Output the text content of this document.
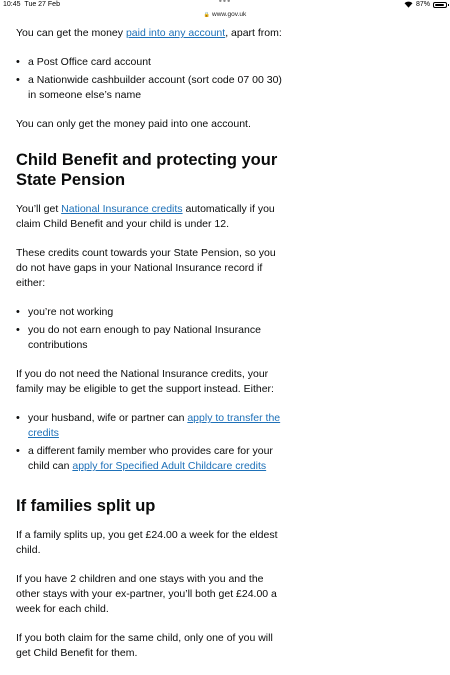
10:45 Tue 27 Feb	•••	87%
🔒 www.gov.uk

You can get the money paid into any account, apart from:

• a Post Office card account
• a Nationwide cashbuilder account (sort code 07 00 30) in someone else’s name

You can only get the money paid into one account.

Child Benefit and protecting your State Pension

You’ll get National Insurance credits automatically if you claim Child Benefit and your child is under 12.

These credits count towards your State Pension, so you do not have gaps in your National Insurance record if either:

• you’re not working
• you do not earn enough to pay National Insurance contributions

If you do not need the National Insurance credits, your family may be eligible to get the support instead. Either:

• your husband, wife or partner can apply to transfer the credits
• a different family member who provides care for your child can apply for Specified Adult Childcare credits
If families split up

If a family splits up, you get £24.00 a week for the eldest child.

If you have 2 children and one stays with you and the other stays with your ex-partner, you’ll both get £24.00 a week for each child.

If you both claim for the same child, only one of you will get Child Benefit for them.
